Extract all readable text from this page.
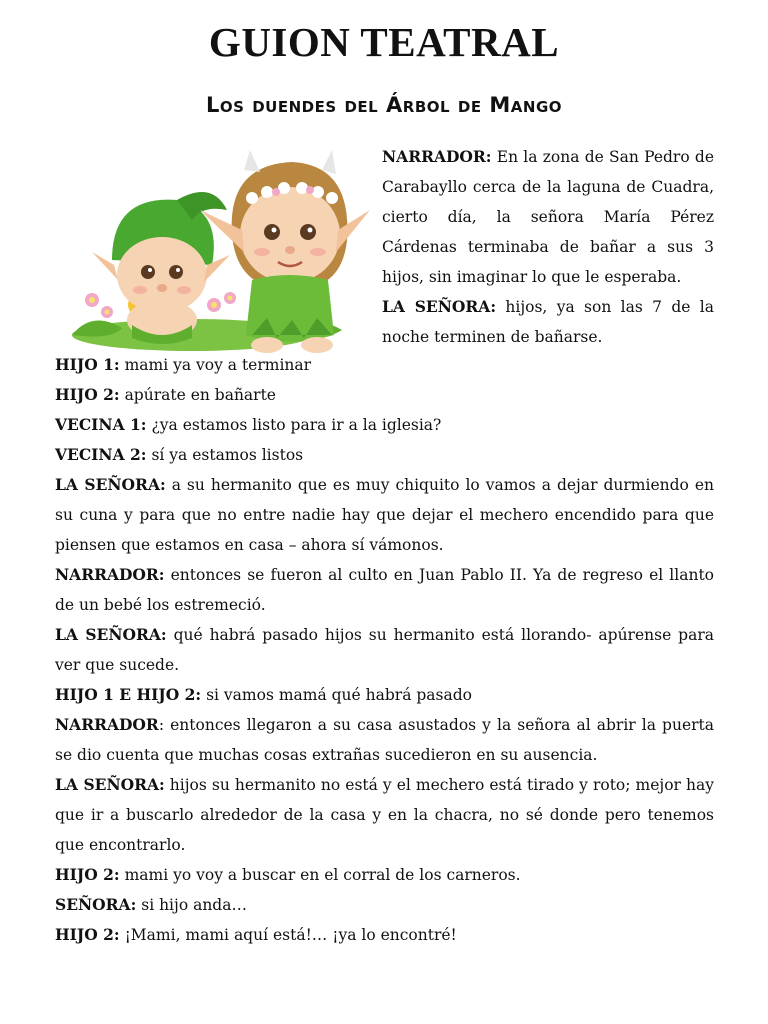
GUION TEATRAL
Los duendes del Árbol de Mango

NARRADOR: En la zona de San Pedro de Carabayllo cerca de la laguna de Cuadra, cierto día, la señora María Pérez Cárdenas terminaba de bañar a sus 3 hijos, sin imaginar lo que le esperaba.

LA SEÑORA: hijos, ya son las 7 de la noche terminen de bañarse.

HIJO 1: mami ya voy a terminar

HIJO 2: apúrate en bañarte

VECINA 1: ¿ya estamos listo para ir a la iglesia?

VECINA 2: sí ya estamos listos

LA SEÑORA: a su hermanito que es muy chiquito lo vamos a dejar durmiendo en su cuna y para que no entre nadie hay que dejar el mechero encendido para que piensen que estamos en casa – ahora sí vámonos.

NARRADOR: entonces se fueron al culto en Juan Pablo II. Ya de regreso el llanto de un bebé los estremeció.

LA SEÑORA: qué habrá pasado hijos su hermanito está llorando- apúrense para ver que sucede.

HIJO 1 E HIJO 2: si vamos mamá qué habrá pasado

NARRADOR: entonces llegaron a su casa asustados y la señora al abrir la puerta se dio cuenta que muchas cosas extrañas sucedieron en su ausencia.

LA SEÑORA: hijos su hermanito no está y el mechero está tirado y roto; mejor hay que ir a buscarlo alrededor de la casa y en la chacra, no sé donde pero tenemos que encontrarlo.

HIJO 2: mami yo voy a buscar en el corral de los carneros.

SEÑORA: si hijo anda…

HIJO 2: ¡Mami, mami aquí está!… ¡ya lo encontré!
